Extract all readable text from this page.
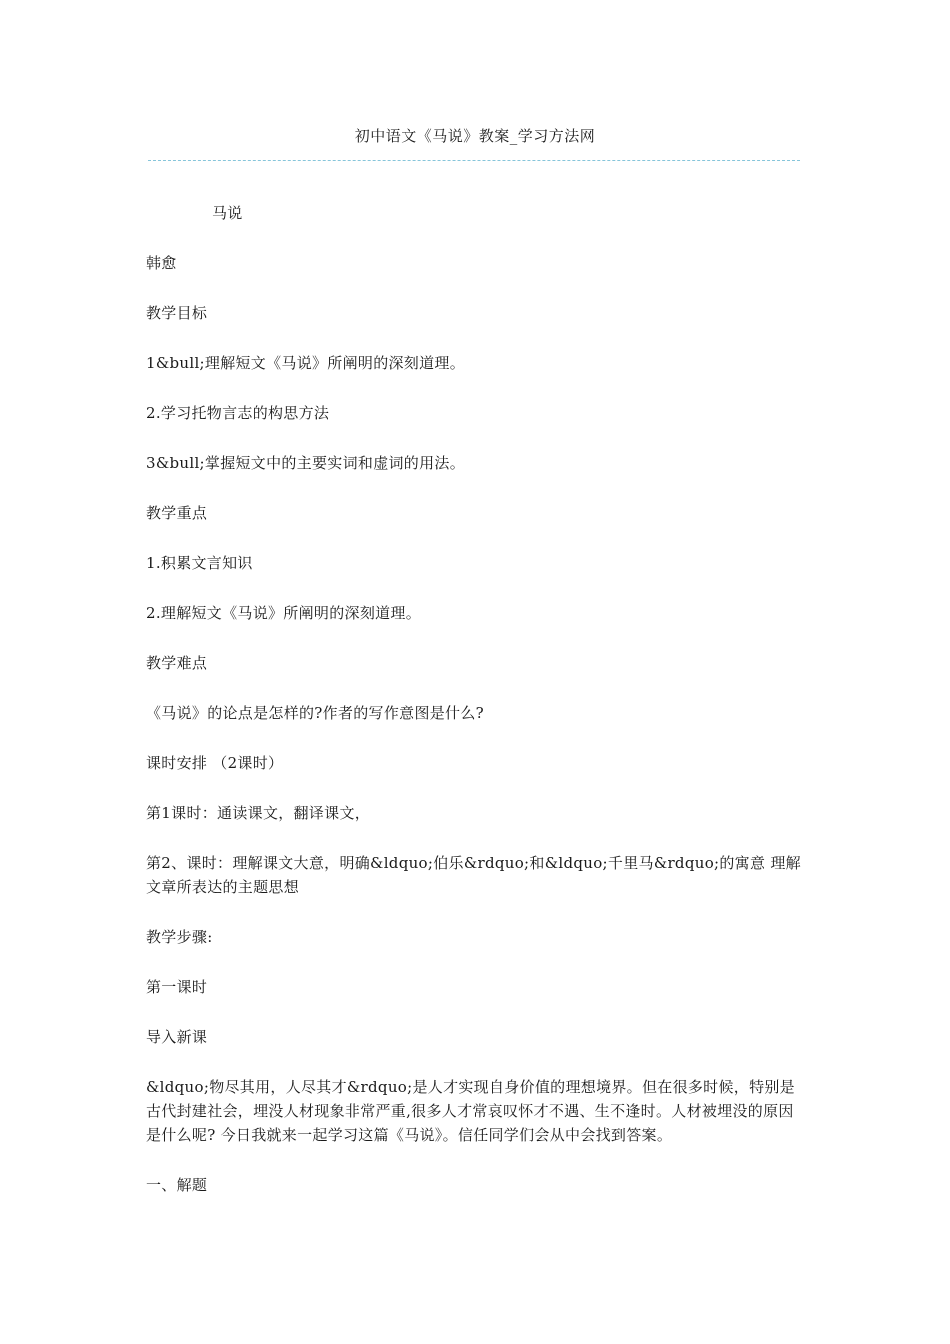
初中语文《马说》教案_学习方法网

马说

韩愈

教学目标

1&bull;理解短文《马说》所阐明的深刻道理。

2.学习托物言志的构思方法

3&bull;掌握短文中的主要实词和虚词的用法。

教学重点

1.积累文言知识

2.理解短文《马说》所阐明的深刻道理。

教学难点

《马说》的论点是怎样的?作者的写作意图是什么?

课时安排 （2课时）

第1课时：通读课文，翻译课文，

第2、课时：理解课文大意，明确&ldquo;伯乐&rdquo;和&ldquo;千里马&rdquo;的寓意 理解文章所表达的主题思想

教学步骤:

第一课时

导入新课

&ldquo;物尽其用，人尽其才&rdquo;是人才实现自身价值的理想境界。但在很多时候，特别是古代封建社会，埋没人材现象非常严重,很多人才常哀叹怀才不遇、生不逢时。人材被埋没的原因是什么呢? 今日我就来一起学习这篇《马说》。信任同学们会从中会找到答案。

一、解题
